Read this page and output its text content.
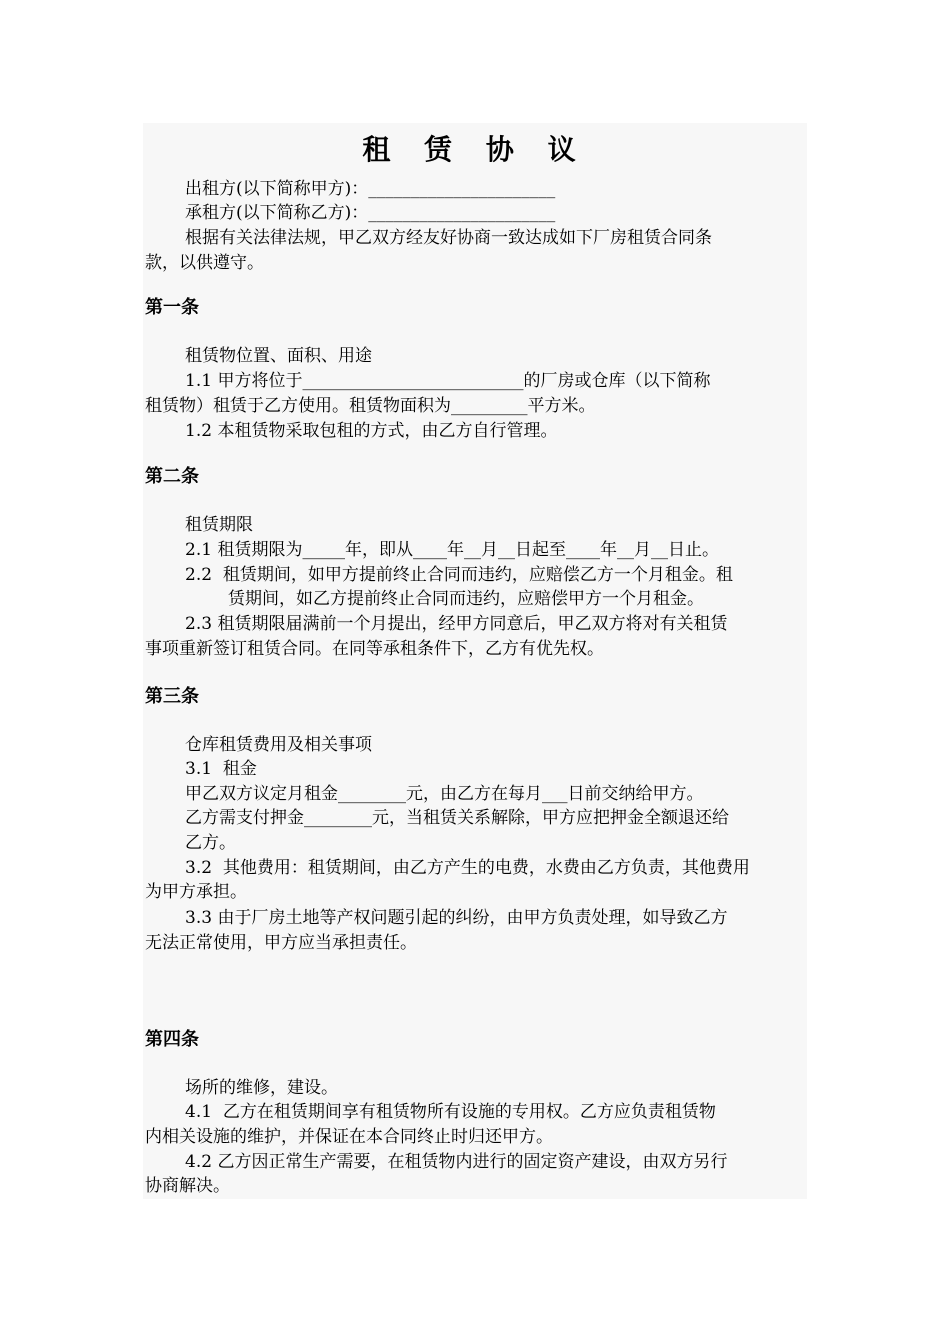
租 赁 协 议
出租方(以下简称甲方)：______________________
承租方(以下简称乙方)：______________________
根据有关法律法规，甲乙双方经友好协商一致达成如下厂房租赁合同条
款，以供遵守。
第一条
租赁物位置、面积、用途
1.1 甲方将位于__________________________的厂房或仓库（以下简称
租赁物）租赁于乙方使用。租赁物面积为_________平方米。
1.2 本租赁物采取包租的方式，由乙方自行管理。
第二条
租赁期限
2.1 租赁期限为_____年，即从____年__月__日起至____年__月__日止。
2.2  租赁期间，如甲方提前终止合同而违约，应赔偿乙方一个月租金。租
赁期间，如乙方提前终止合同而违约，应赔偿甲方一个月租金。
2.3 租赁期限届满前一个月提出，经甲方同意后，甲乙双方将对有关租赁
事项重新签订租赁合同。在同等承租条件下，乙方有优先权。
第三条
仓库租赁费用及相关事项
3.1  租金
甲乙双方议定月租金________元，由乙方在每月___日前交纳给甲方。
乙方需支付押金________元，当租赁关系解除，甲方应把押金全额退还给
乙方。
3.2  其他费用：租赁期间，由乙方产生的电费，水费由乙方负责，其他费用
为甲方承担。
3.3 由于厂房土地等产权问题引起的纠纷，由甲方负责处理，如导致乙方
无法正常使用，甲方应当承担责任。
第四条
场所的维修，建设。
4.1  乙方在租赁期间享有租赁物所有设施的专用权。乙方应负责租赁物
内相关设施的维护，并保证在本合同终止时归还甲方。
4.2 乙方因正常生产需要，在租赁物内进行的固定资产建设，由双方另行
协商解决。
